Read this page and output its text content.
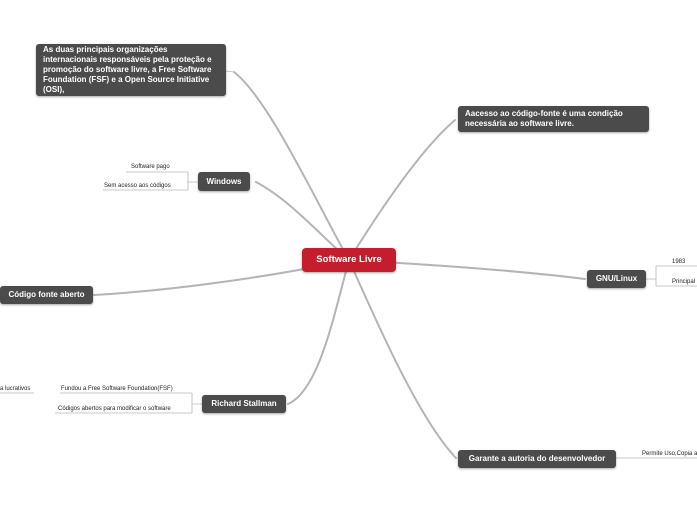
Software Livre
As duas principais organizações internacionais responsáveis pela proteção e promoção do software livre, a Free Software Foundation (FSF) e a Open Source Initiative (OSI),
Aacesso ao código-fonte é uma condição necessária ao software livre.
Windows
Código fonte aberto
GNU/Linux
Richard Stallman
Garante a autoria do desenvolvedor
Software pago
Sem acesso aos códigos
1983
Principal
Fundou a Free Software Foundation(FSF)
Códigos abertos para modificar o software
a lucrativos
Permite Uso,Copia a
